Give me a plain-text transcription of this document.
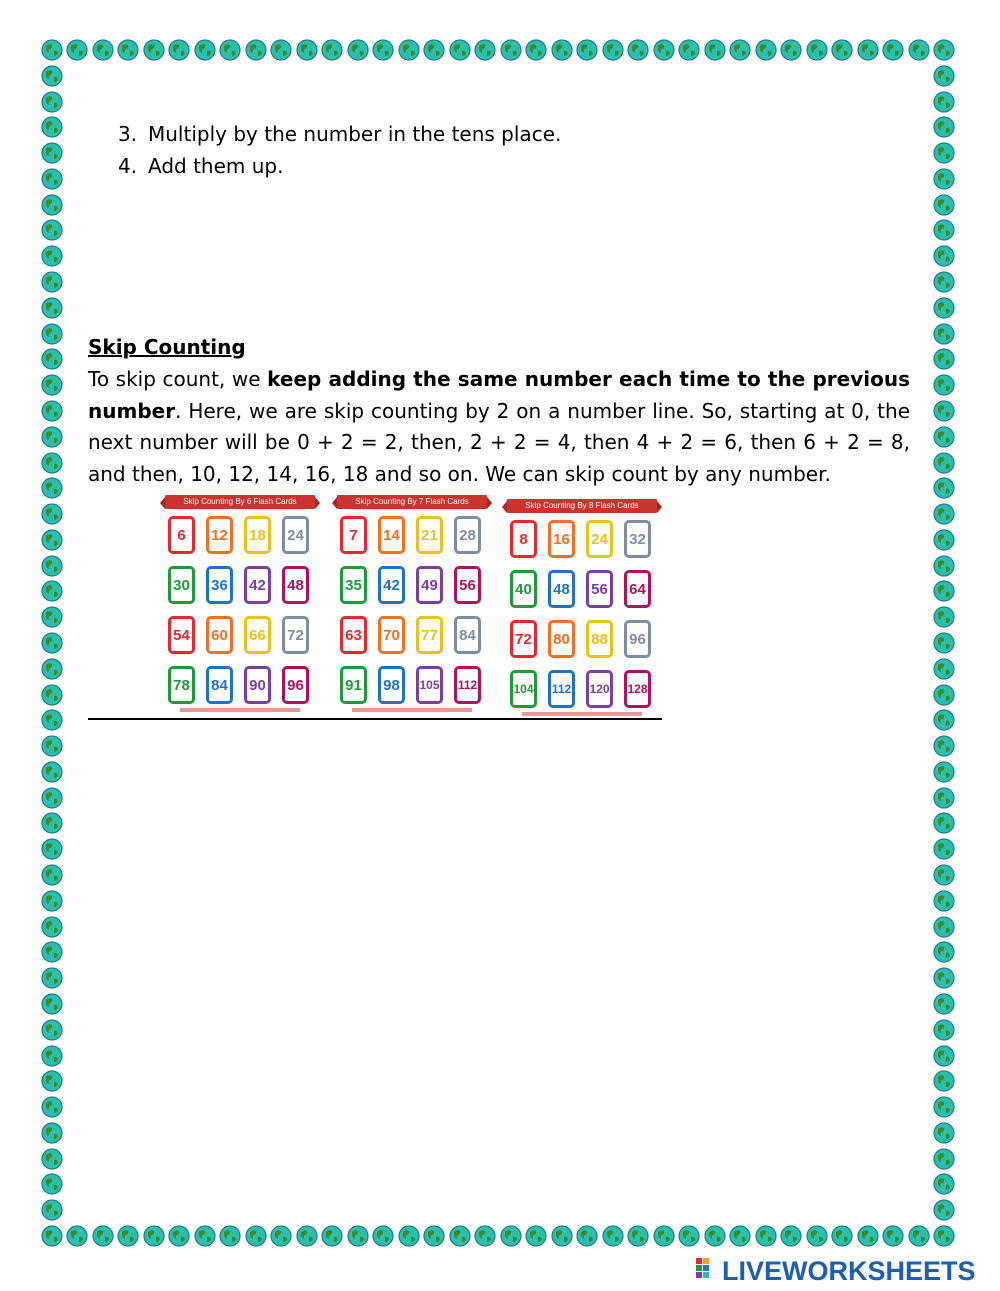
3. Multiply by the number in the tens place.
4. Add them up.
Skip Counting

To skip count, we keep adding the same number each time to the previous number. Here, we are skip counting by 2 on a number line. So, starting at 0, the next number will be 0 + 2 = 2, then, 2 + 2 = 4, then 4 + 2 = 6, then 6 + 2 = 8, and then, 10, 12, 14, 16, 18 and so on. We can skip count by any number.

Skip Counting By 6 Flash Cards
6	12	18	24
30	36	42	48
54	60	66	72
78	84	90	96
Skip Counting By 7 Flash Cards
7	14	21	28
35	42	49	56
63	70	77	84
91	98	105	112
Skip Counting By 8 Flash Cards
8	16	24	32
40	48	56	64
72	80	88	96
104	112	120 128
LIVEWORKSHEETS
